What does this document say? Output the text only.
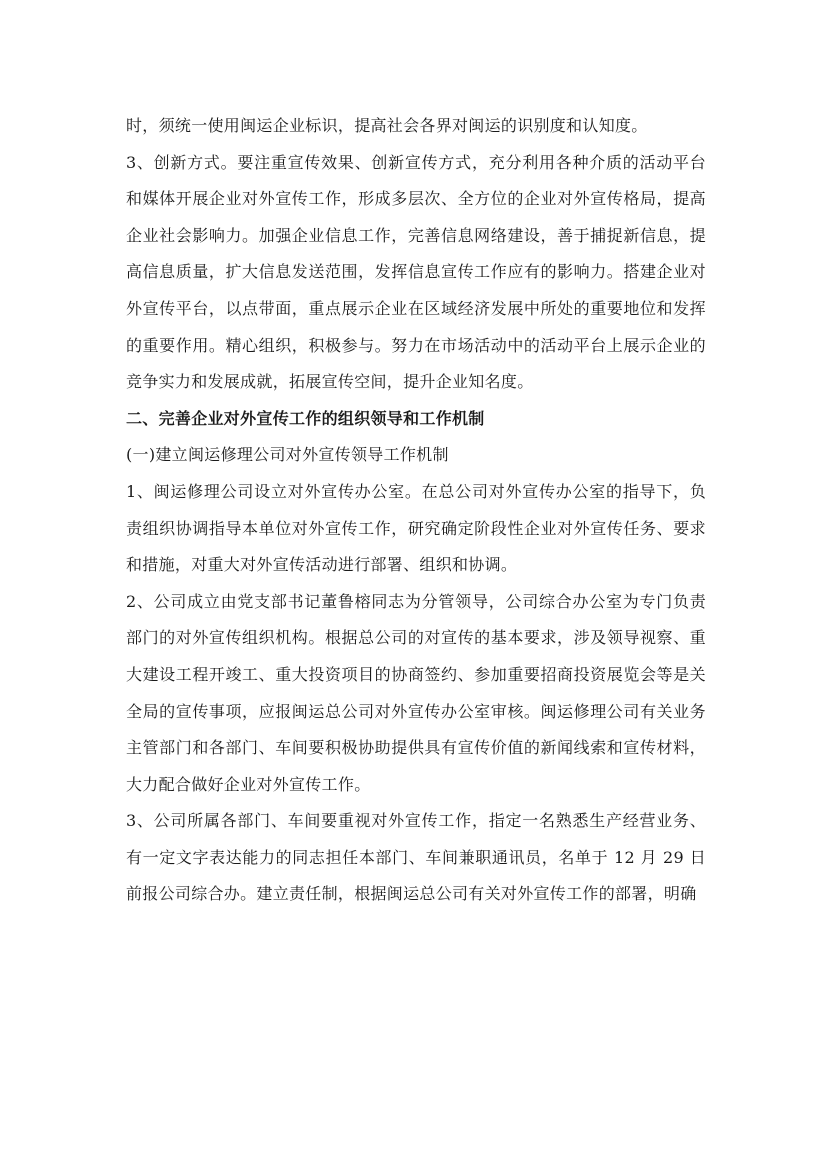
时，须统一使用闽运企业标识，提高社会各界对闽运的识别度和认知度。

3、创新方式。要注重宣传效果、创新宣传方式，充分利用各种介质的活动平台和媒体开展企业对外宣传工作，形成多层次、全方位的企业对外宣传格局，提高企业社会影响力。加强企业信息工作，完善信息网络建设，善于捕捉新信息，提高信息质量，扩大信息发送范围，发挥信息宣传工作应有的影响力。搭建企业对外宣传平台，以点带面，重点展示企业在区域经济发展中所处的重要地位和发挥的重要作用。精心组织，积极参与。努力在市场活动中的活动平台上展示企业的竞争实力和发展成就，拓展宣传空间，提升企业知名度。

二、完善企业对外宣传工作的组织领导和工作机制

(一)建立闽运修理公司对外宣传领导工作机制

1、闽运修理公司设立对外宣传办公室。在总公司对外宣传办公室的指导下，负责组织协调指导本单位对外宣传工作，研究确定阶段性企业对外宣传任务、要求和措施，对重大对外宣传活动进行部署、组织和协调。

2、公司成立由党支部书记董鲁榕同志为分管领导，公司综合办公室为专门负责部门的对外宣传组织机构。根据总公司的对宣传的基本要求，涉及领导视察、重大建设工程开竣工、重大投资项目的协商签约、参加重要招商投资展览会等是关全局的宣传事项，应报闽运总公司对外宣传办公室审核。闽运修理公司有关业务主管部门和各部门、车间要积极协助提供具有宣传价值的新闻线索和宣传材料，大力配合做好企业对外宣传工作。

3、公司所属各部门、车间要重视对外宣传工作，指定一名熟悉生产经营业务、有一定文字表达能力的同志担任本部门、车间兼职通讯员，名单于 12 月 29 日前报公司综合办。建立责任制，根据闽运总公司有关对外宣传工作的部署，明确
